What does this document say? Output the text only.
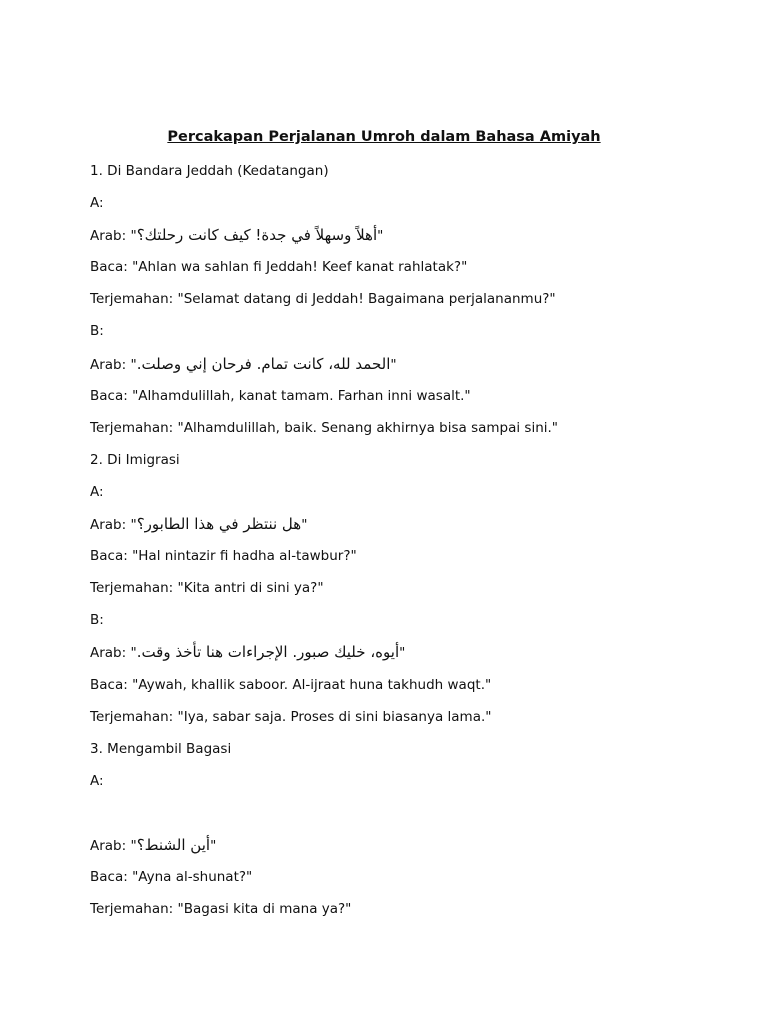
Percakapan Perjalanan Umroh dalam Bahasa Amiyah
1. Di Bandara Jeddah (Kedatangan)
A:
Arab: "أهلاً وسهلاً في جدة! كيف كانت رحلتك؟"
Baca: "Ahlan wa sahlan fi Jeddah! Keef kanat rahlatak?"
Terjemahan: "Selamat datang di Jeddah! Bagaimana perjalananmu?"
B:
Arab: "الحمد لله، كانت تمام. فرحان إني وصلت."
Baca: "Alhamdulillah, kanat tamam. Farhan inni wasalt."
Terjemahan: "Alhamdulillah, baik. Senang akhirnya bisa sampai sini."
2. Di Imigrasi
A:
Arab: "هل ننتظر في هذا الطابور؟"
Baca: "Hal nintazir fi hadha al-tawbur?"
Terjemahan: "Kita antri di sini ya?"
B:
Arab: "أيوه، خليك صبور. الإجراءات هنا تأخذ وقت."
Baca: "Aywah, khallik saboor. Al-ijraat huna takhudh waqt."
Terjemahan: "Iya, sabar saja. Proses di sini biasanya lama."
3. Mengambil Bagasi
A:
Arab: "أين الشنط؟"
Baca: "Ayna al-shunat?"
Terjemahan: "Bagasi kita di mana ya?"
